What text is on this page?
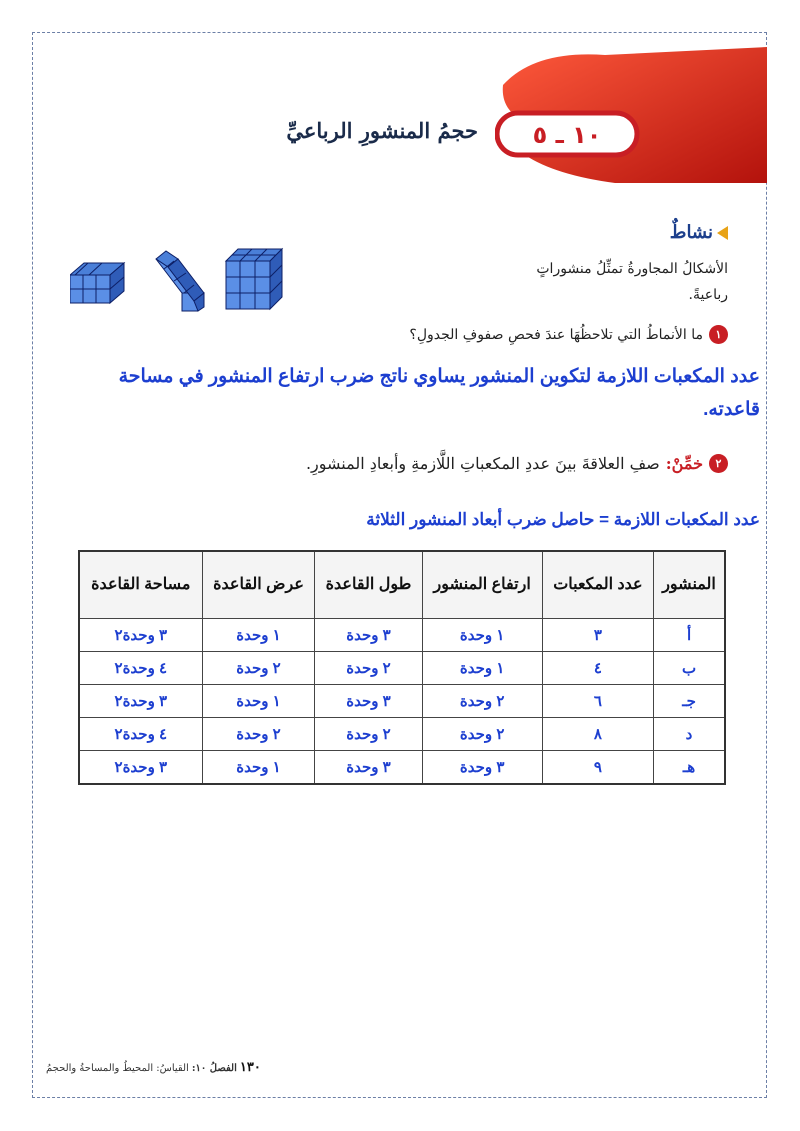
١٠ ـ ٥
حجمُ المنشورِ الرباعيِّ
نشاطٌ
الأشكالُ المجاورةُ تمثِّلُ منشوراتٍ رباعيةً.
١
ما الأنماطُ التي تلاحظُهَا عندَ فحصِ صفوفِ الجدولِ؟
عدد المكعبات اللازمة لتكوين المنشور يساوي ناتج ضرب ارتفاع المنشور في مساحة قاعدته.
٢
خمِّنْ:
صفِ العلاقةَ بينَ عددِ المكعباتِ اللَّازمةِ وأبعادِ المنشورِ.
عدد المكعبات اللازمة = حاصل ضرب أبعاد المنشور الثلاثة
المنشور	عدد المكعبات	ارتفاع المنشور	طول القاعدة	عرض القاعدة	مساحة القاعدة
أ	٣	١ وحدة	٣ وحدة	١ وحدة	٣ وحدة٢
ب	٤	١ وحدة	٢ وحدة	٢ وحدة	٤ وحدة٢
جـ	٦	٢ وحدة	٣ وحدة	١ وحدة	٣ وحدة٢
د	٨	٢ وحدة	٢ وحدة	٢ وحدة	٤ وحدة٢
هـ	٩	٣ وحدة	٣ وحدة	١ وحدة	٣ وحدة٢
١٣٠
الفصلُ ١٠:
القياسُ: المحيطُ والمساحةُ والحجمُ
